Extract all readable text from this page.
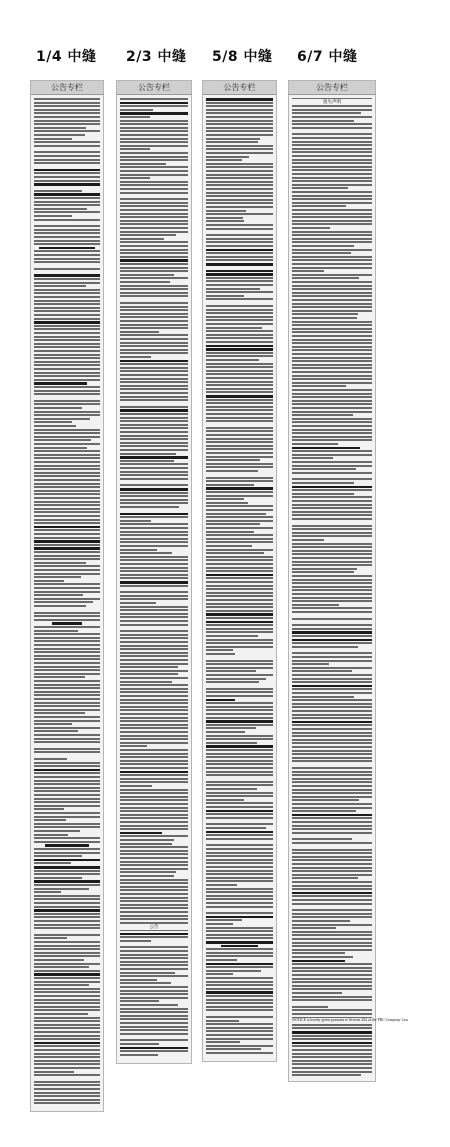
1/4 中缝 2/3 中缝 5/8 中缝 6/7 中缝
公告专栏	公告专栏
公告
公告专栏	公告专栏
遗失声明
NOTICE is hereby given pursuant to Section 204 of the PRC Company Law
